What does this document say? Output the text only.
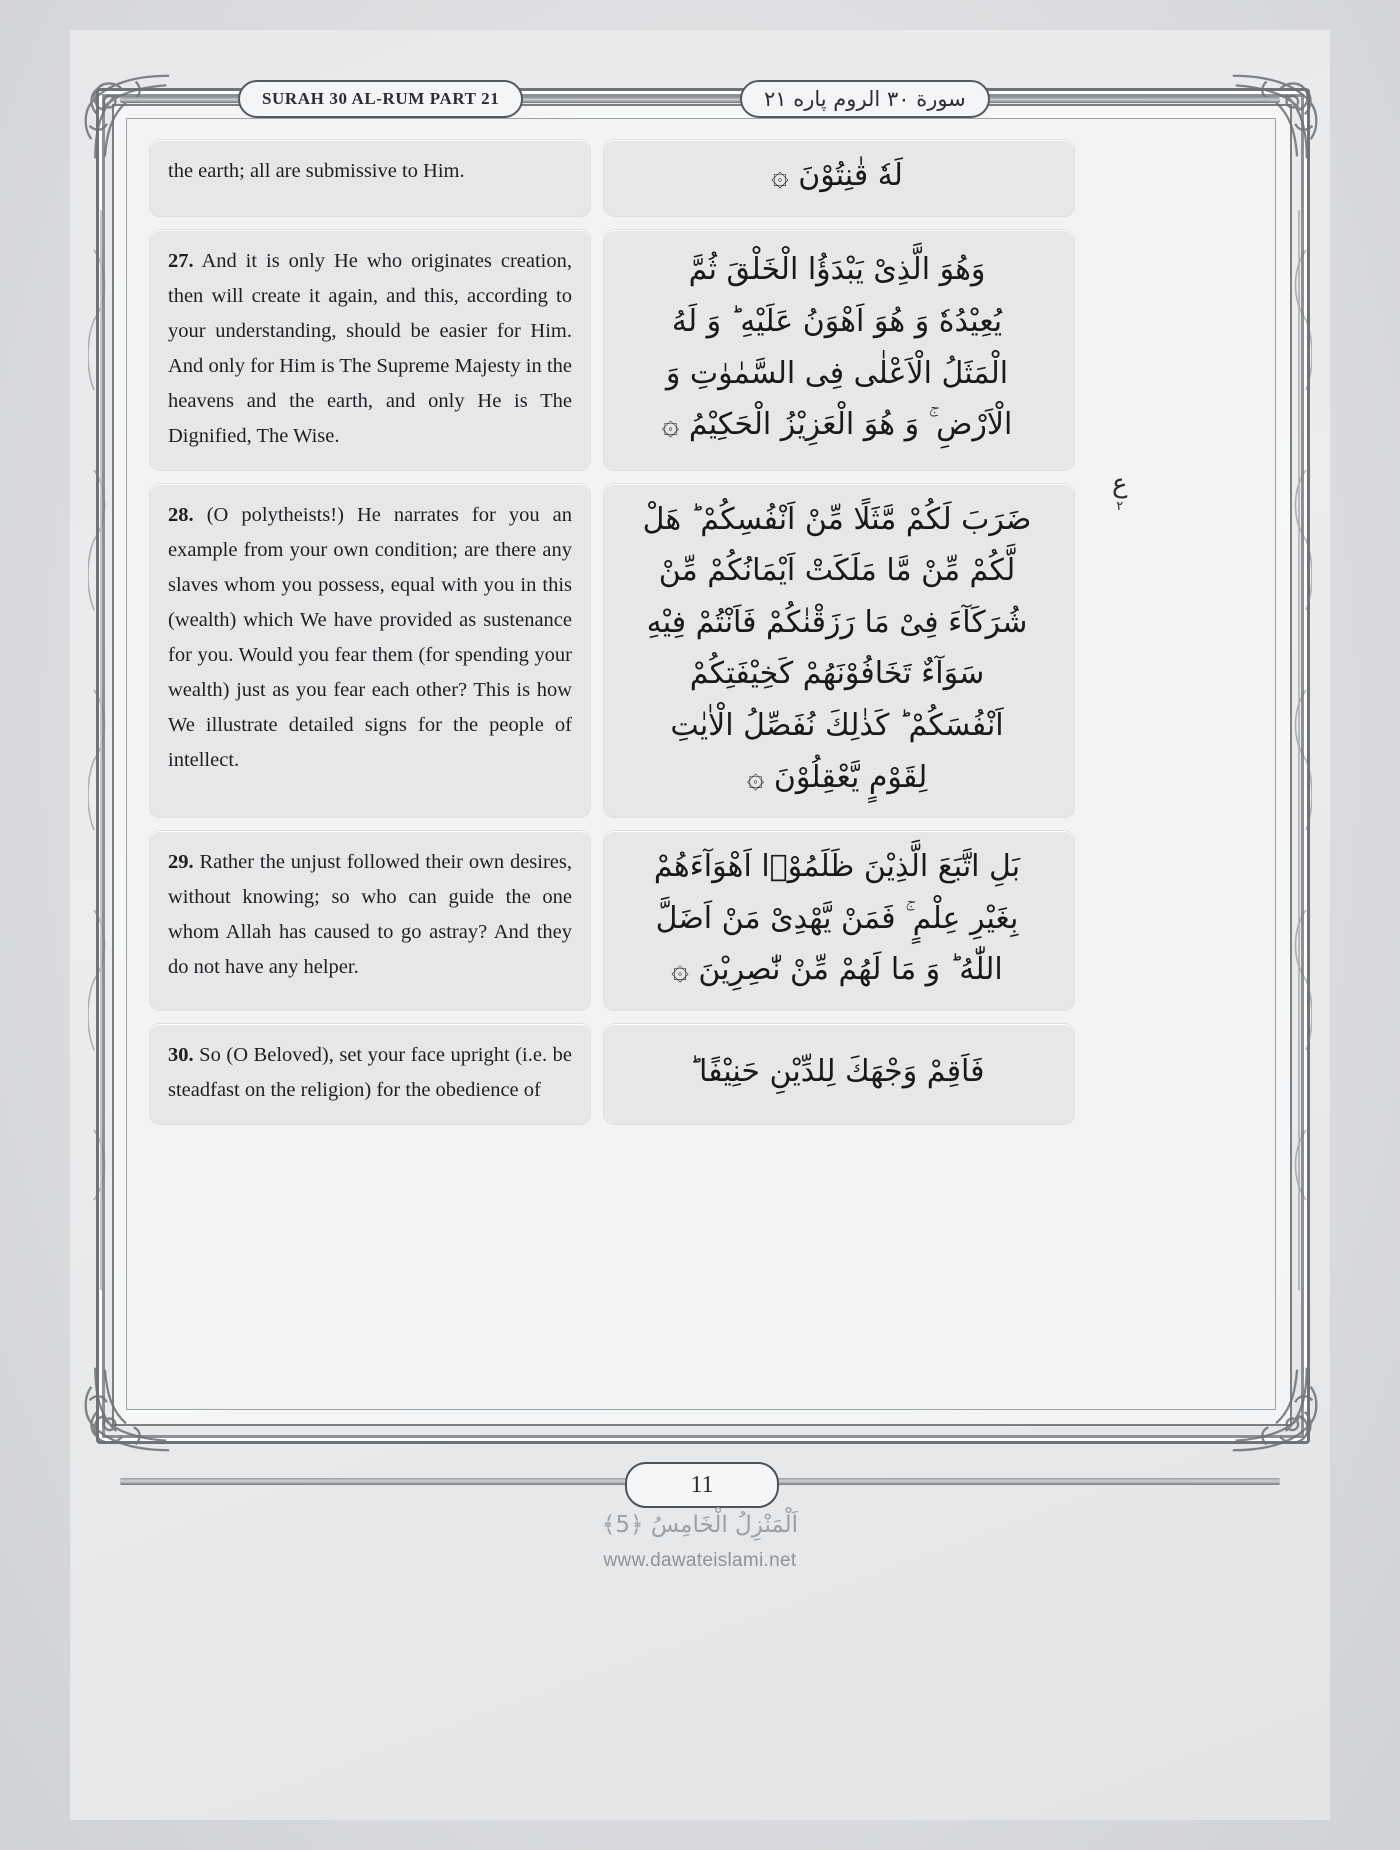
SURAH 30 AL-RUM PART 21	سورة ٣٠ الروم پاره ٢١
the earth; all are submissive to Him.	لَهٗ قٰنِتُوْنَ ۞
27. And it is only He who originates creation, then will create it again, and this, according to your understanding, should be easier for Him. And only for Him is The Supreme Majesty in the heavens and the earth, and only He is The Dignified, The Wise.
وَهُوَ الَّذِیْ یَبْدَؤُا الْخَلْقَ ثُمَّ
یُعِیْدُهٗ وَ هُوَ اَهْوَنُ عَلَیْهِ ؕ وَ لَهُ
الْمَثَلُ الْاَعْلٰى فِی السَّمٰوٰتِ وَ
الْاَرْضِ ۚ وَ هُوَ الْعَزِیْزُ الْحَكِیْمُ ۞
28. (O polytheists!) He narrates for you an example from your own condition; are there any slaves whom you possess, equal with you in this (wealth) which We have provided as sustenance for you. Would you fear them (for spending your wealth) just as you fear each other? This is how We illustrate detailed signs for the people of intellect.
ضَرَبَ لَكُمْ مَّثَلًا مِّنْ اَنْفُسِكُمْ ؕ هَلْ
لَّكُمْ مِّنْ مَّا مَلَكَتْ اَیْمَانُكُمْ مِّنْ
شُرَكَآءَ فِیْ مَا رَزَقْنٰكُمْ فَاَنْتُمْ فِیْهِ
سَوَآءٌ تَخَافُوْنَهُمْ كَخِیْفَتِكُمْ
اَنْفُسَكُمْ ؕ كَذٰلِكَ نُفَصِّلُ الْاٰیٰتِ
لِقَوْمٍ یَّعْقِلُوْنَ ۞
29. Rather the unjust followed their own desires, without knowing; so who can guide the one whom Allah has caused to go astray? And they do not have any helper.
بَلِ اتَّبَعَ الَّذِیْنَ ظَلَمُوْۤا اَهْوَآءَهُمْ
بِغَیْرِ عِلْمٍ ۚ فَمَنْ یَّهْدِیْ مَنْ اَضَلَّ
اللّٰهُ ؕ وَ مَا لَهُمْ مِّنْ نّٰصِرِیْنَ ۞
30. So (O Beloved), set your face upright (i.e. be steadfast on the religion) for the obedience of
فَاَقِمْ وَجْهَكَ لِلدِّیْنِ حَنِیْفًا ؕ
ع
٢
11
اَلْمَنْزِلُ الْخَامِسُ ﴿5﴾
www.dawateislami.net
